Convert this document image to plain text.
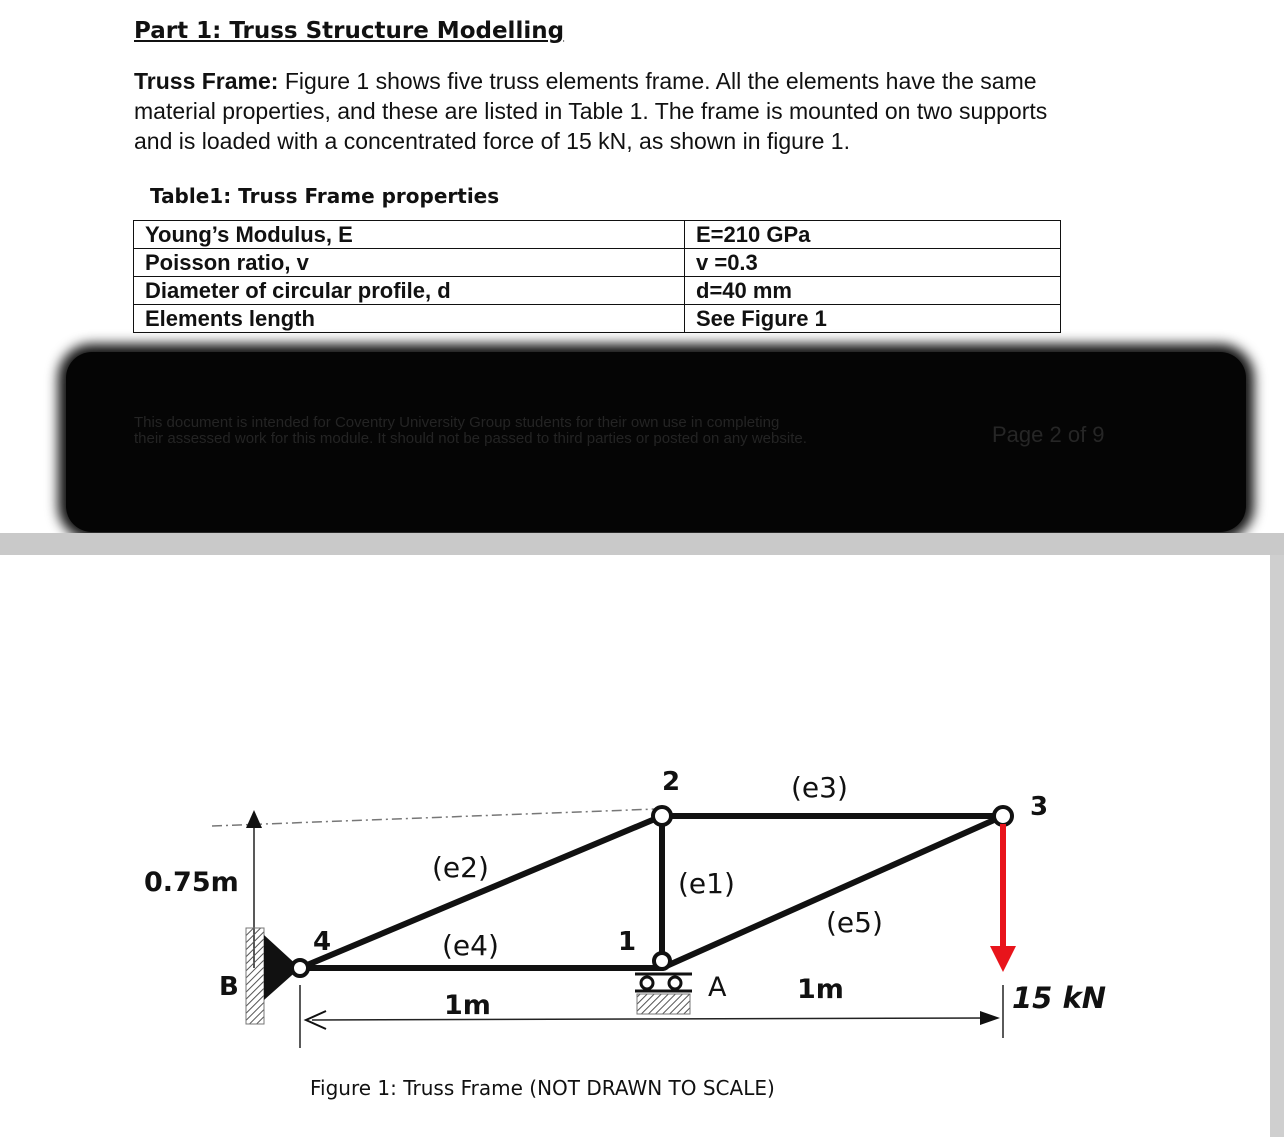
Part 1: Truss Structure Modelling

Truss Frame: Figure 1 shows five truss elements frame. All the elements have the same
material properties, and these are listed in Table 1. The frame is mounted on two supports
and is loaded with a concentrated force of 15 kN, as shown in figure 1.

Table1: Truss Frame properties

Young’s Modulus, E	E=210 GPa
Poisson ratio, v	v =0.3
Diameter of circular profile, d	d=40 mm
Elements length	See Figure 1

This document is intended for Coventry University Group students for their own use in completing
their assessed work for this module. It should not be passed to third parties or posted on any website.	Page 2 of 9
0.75m
B	A
4	1
2
3
(e2)
(e4)
(e1)
(e3)
(e5)
1m
1m	15 kN
Figure 1: Truss Frame (NOT DRAWN TO SCALE)
